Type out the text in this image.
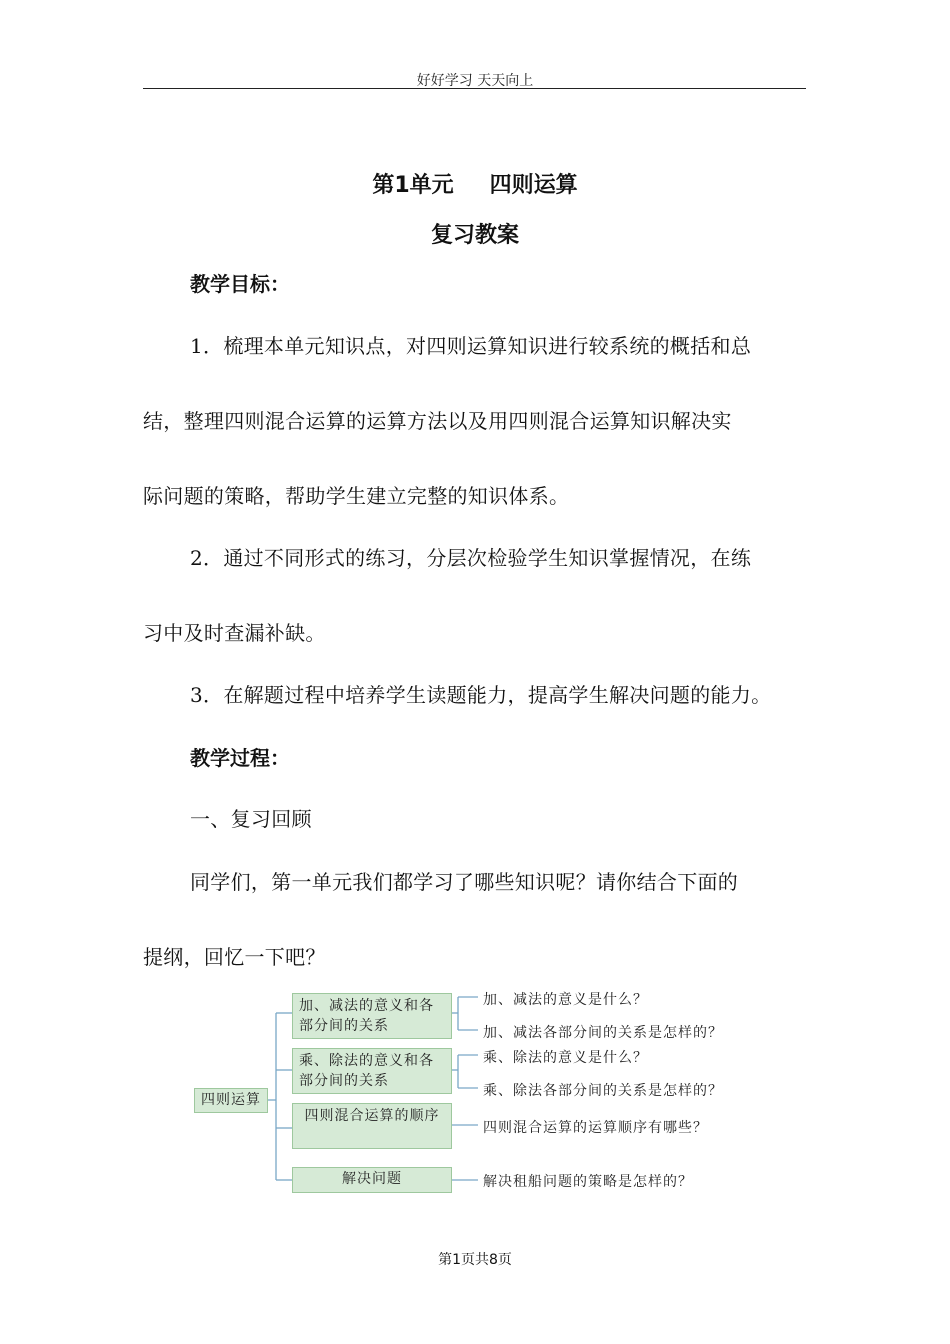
好好学习 天天向上
第1单元 四则运算
复习教案
教学目标：
1．梳理本单元知识点，对四则运算知识进行较系统的概括和总
结，整理四则混合运算的运算方法以及用四则混合运算知识解决实
际问题的策略，帮助学生建立完整的知识体系。
2．通过不同形式的练习，分层次检验学生知识掌握情况，在练
习中及时查漏补缺。
3．在解题过程中培养学生读题能力，提高学生解决问题的能力。
教学过程：
一、复习回顾
同学们，第一单元我们都学习了哪些知识呢？请你结合下面的
提纲，回忆一下吧？
四则运算
加、减法的意义和各部分间的关系
乘、除法的意义和各部分间的关系
四则混合运算的顺序
解决问题
加、减法的意义是什么？
加、减法各部分间的关系是怎样的？
乘、除法的意义是什么？
乘、除法各部分间的关系是怎样的？
四则混合运算的运算顺序有哪些？
解决租船问题的策略是怎样的？
第1页共8页
